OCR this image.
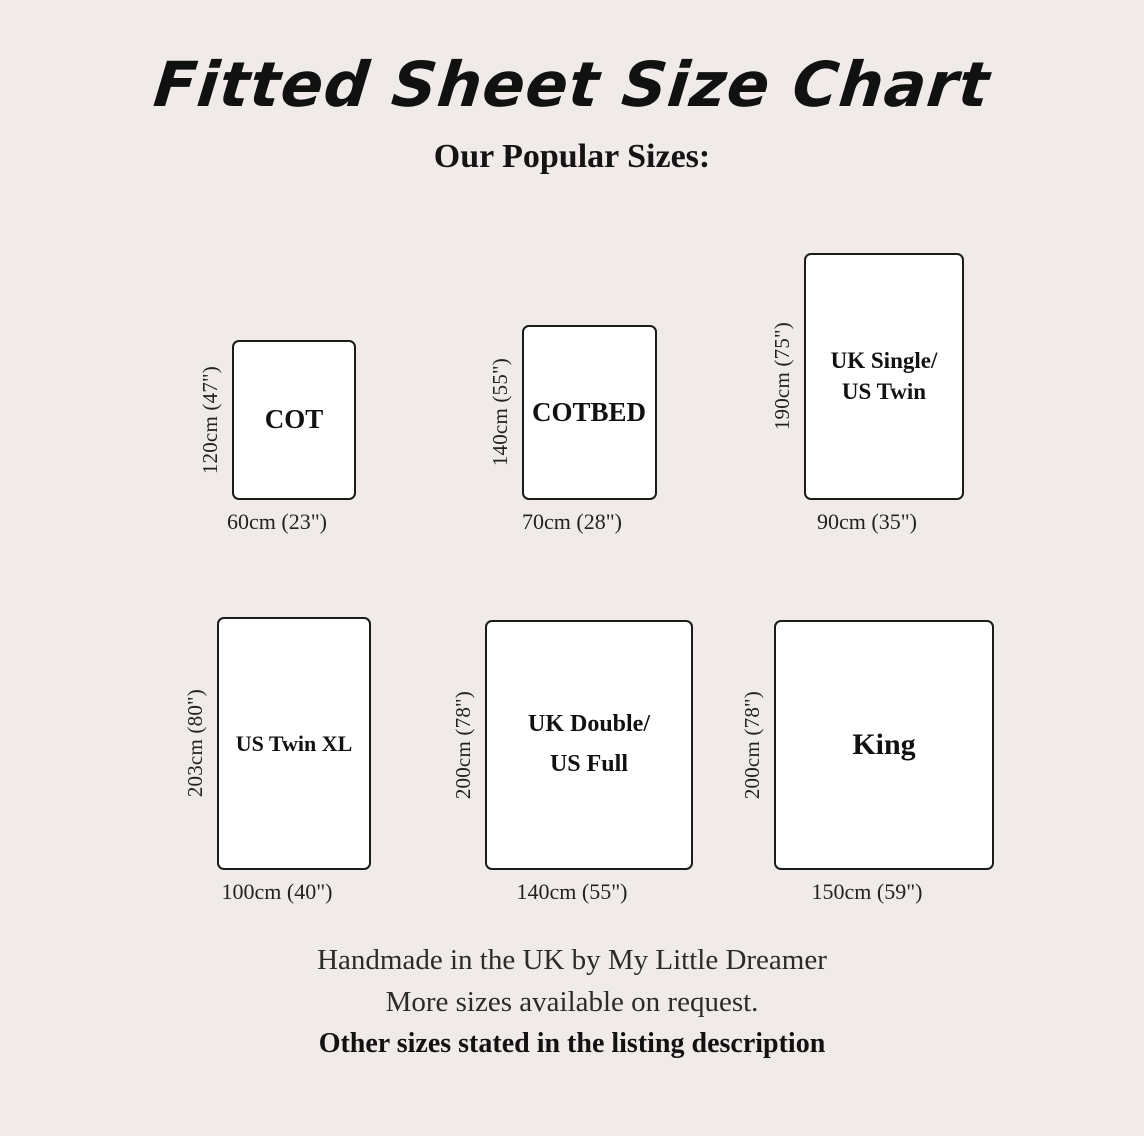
Fitted Sheet Size Chart
Our Popular Sizes:
120cm (47") COT
60cm (23")
140cm (55") COTBED
70cm (28")
190cm (75") UK Single/
US Twin
90cm (35")
203cm (80") US Twin XL
100cm (40")
200cm (78") UK Double/
US Full
140cm (55")
200cm (78")	King
150cm (59")
Handmade in the UK by My Little Dreamer
More sizes available on request.
Other sizes stated in the listing description
